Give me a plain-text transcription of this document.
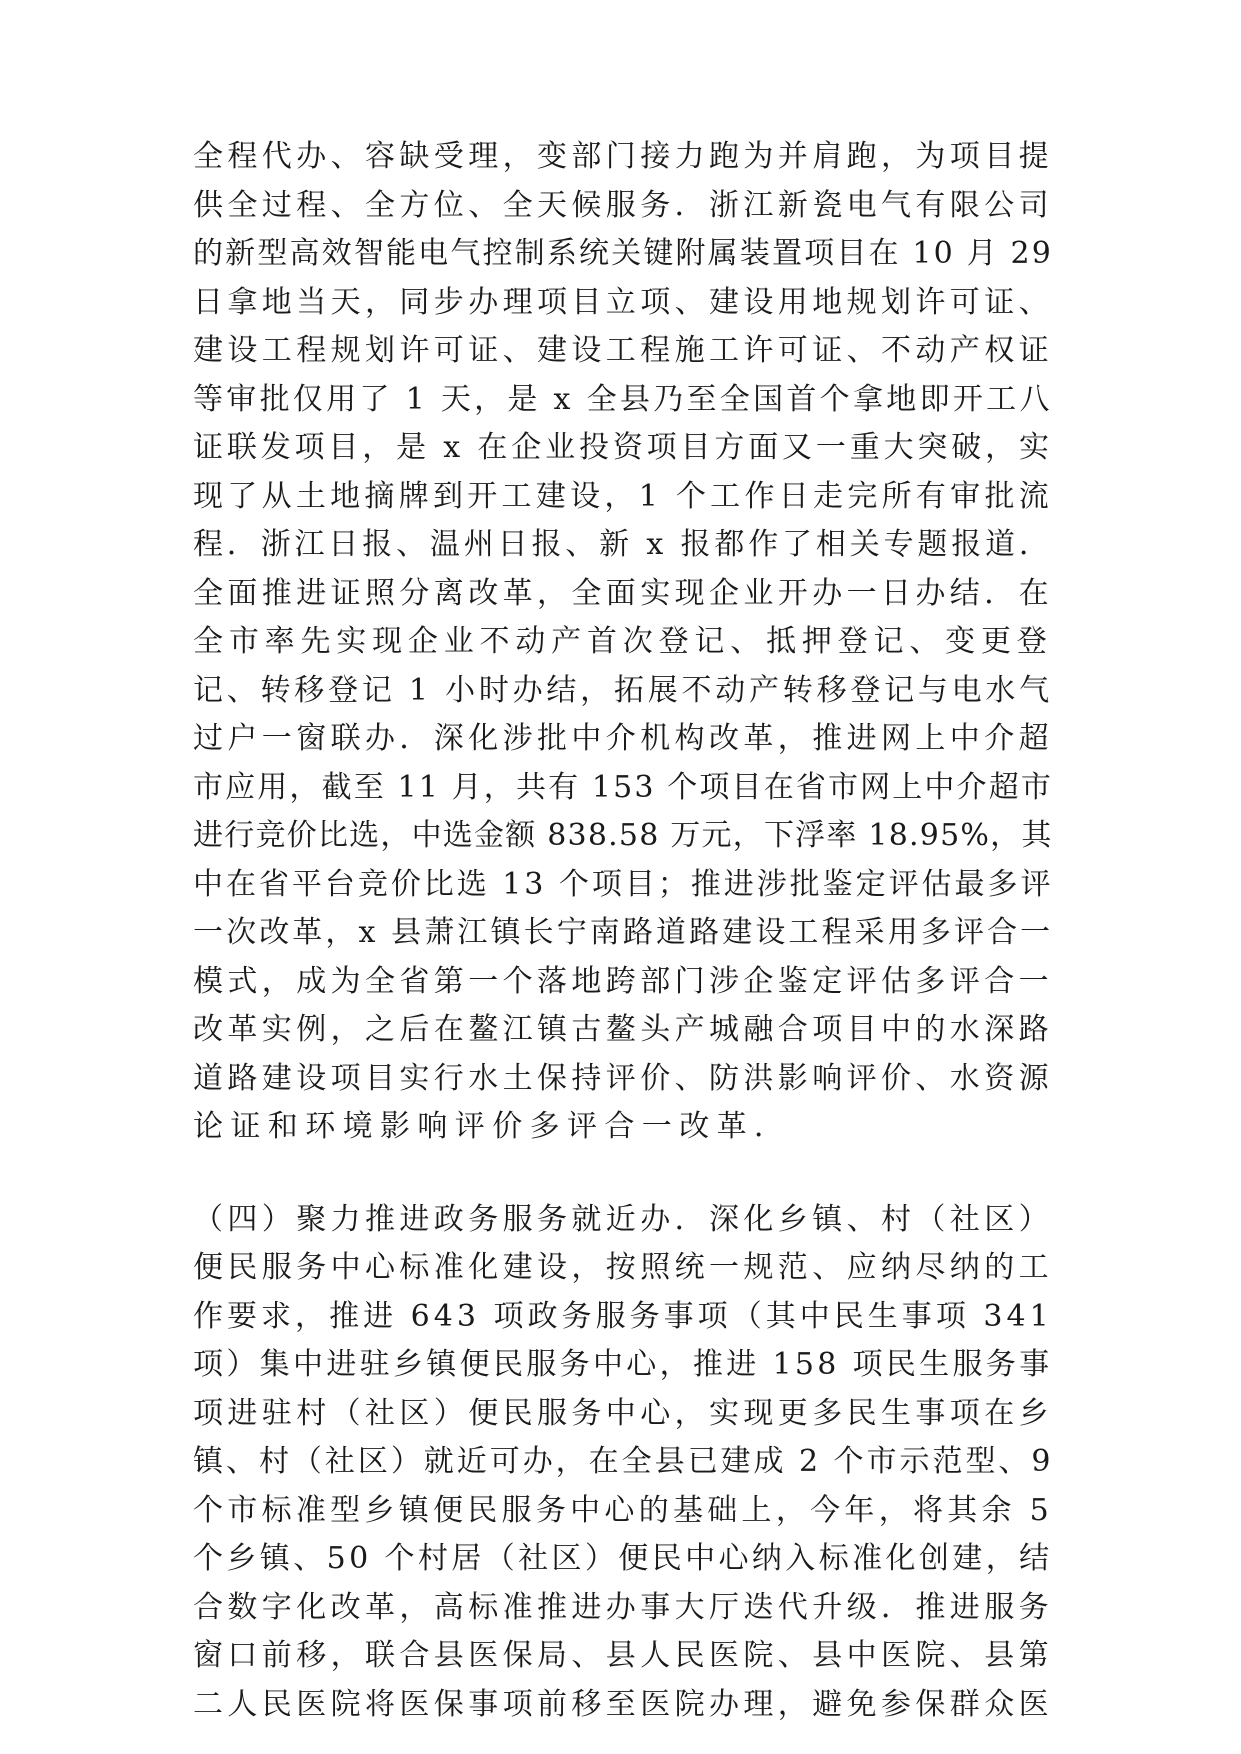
全程代办、容缺受理，变部门接力跑为并肩跑，为项目提
供全过程、全方位、全天候服务．浙江新瓷电气有限公司
的新型高效智能电气控制系统关键附属装置项目在 10 月 29
日拿地当天，同步办理项目立项、建设用地规划许可证、
建设工程规划许可证、建设工程施工许可证、不动产权证
等审批仅用了 1 天，是 x 全县乃至全国首个拿地即开工八
证联发项目，是 x 在企业投资项目方面又一重大突破，实
现了从土地摘牌到开工建设，1 个工作日走完所有审批流
程．浙江日报、温州日报、新 x 报都作了相关专题报道．
全面推进证照分离改革，全面实现企业开办一日办结．在
全市率先实现企业不动产首次登记、抵押登记、变更登
记、转移登记 1 小时办结，拓展不动产转移登记与电水气
过户一窗联办．深化涉批中介机构改革，推进网上中介超
市应用，截至 11 月，共有 153 个项目在省市网上中介超市
进行竞价比选，中选金额 838.58 万元，下浮率 18.95%，其
中在省平台竞价比选 13 个项目；推进涉批鉴定评估最多评
一次改革，x 县萧江镇长宁南路道路建设工程采用多评合一
模式，成为全省第一个落地跨部门涉企鉴定评估多评合一
改革实例，之后在鳌江镇古鳌头产城融合项目中的水深路
道路建设项目实行水土保持评价、防洪影响评价、水资源
论证和环境影响评价多评合一改革．
（四）聚力推进政务服务就近办．深化乡镇、村（社区）
便民服务中心标准化建设，按照统一规范、应纳尽纳的工
作要求，推进 643 项政务服务事项（其中民生事项 341
项）集中进驻乡镇便民服务中心，推进 158 项民生服务事
项进驻村（社区）便民服务中心，实现更多民生事项在乡
镇、村（社区）就近可办，在全县已建成 2 个市示范型、9
个市标准型乡镇便民服务中心的基础上，今年，将其余 5
个乡镇、50 个村居（社区）便民中心纳入标准化创建，结
合数字化改革，高标准推进办事大厅迭代升级．推进服务
窗口前移，联合县医保局、县人民医院、县中医院、县第
二人民医院将医保事项前移至医院办理，避免参保群众医
